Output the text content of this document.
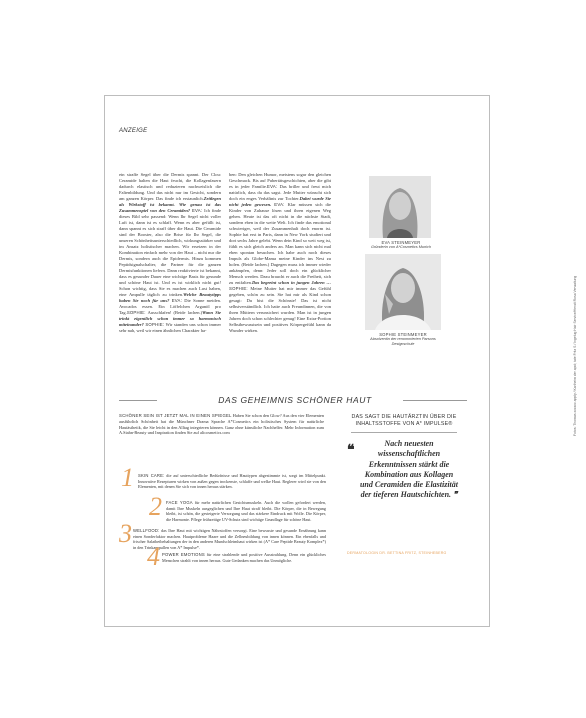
ANZEIGE
ein straffe Segel über die Dermis spannt. Der Clou: Ceramide halten die Haut feucht, die Kollagenfasern dadurch elastisch und reduzieren nachweislich die Faltenbildung. Und das nicht nur im Gesicht, sondern am ganzen Körper. Das finde ich erstaunlich.Zeitlegen als Wirkstoff ist bekannt. Wie genau ist das Zusammenspiel von den Ceramiden? EVA: Ich finde dieses Bild sehr passend: Wenn Ihr Segel nicht voller Luft ist, dann ist es schlaff. Wenn es aber gefüllt ist, dann spannt es sich straff über die Haut. Die Ceramide sind der Booster, also die Brise für Ihr Segel, die unseren Schönheitsunterschiedlich, wirkungsstärker und im Ansatz holistischer machen. Wir ersetzen in der Kombination einfach mehr von der Haut – nicht nur die Dermis, sondern auch die Epidermis. Hinzu kommen Peptidsignalschalter, die Partner für die ganzen Dermisfunktionen liefern. Dann reaktivierte ist bekannt, dass es gesunder Dauer eine wichtige Basis für gesunde und schöne Haut ist. Und es ist wirklich nicht gut! Schon wichtig, dass Sie es machen auch Lust haben, eine Ampulle täglich zu trinken.Welche Beautytipps haben Sie noch für uns? EVA: Die Sonne meiden. Avocados essen. Ein Löffelchen Arganöl pro Tag.SOPHIE: Ausschlafen! (Beide lachen.)Wann Sie trinkt eigentlich schon immer so harmonisch miteinander? SOPHIE: Wir standen uns schon immer sehr nah, weil wir einen ähnlichen Charakter ha-
ben: Den gleichen Humor, meistens sogar den gleichen Geschmack. Bis auf Pubertätsgeschichten, aber die gibt es in jeder Familie.EVA: Das briller und freut mich natürlich, dass du das sagst. Jede Mutter wünscht sich doch ein enges Verhältnis zur Tochter.Dabei wurde Sie nicht jeden gewesen. EVA: Klar müssen sich die Kinder von Zuhause lösen und ihren eigenen Weg gehen. Heute ist das oft nicht in die nächste Stadt, sondern eben in die weite Welt. Ich finde das emotional schwieriger, weil der Zusammenhalt doch enorm ist. Sophie hat erst in Paris, dann in New York studiert und dort sechs Jahre gelebt. Wenn dein Kind so weit weg ist, fühlt es sich gleich anders an. Man kann sich nicht mal eben spontan besuchen. Ich habe auch noch dieses Impuls als Globe-Mama meine Kinder ins Nest zu holen. (Beide lachen.) Dagegen muss ich immer wieder ankämpfen, denn: Jeder soll doch ein glücklicher Mensch werden. Dazu braucht er auch die Freiheit, sich zu entfalten.Das begreint schon in jungen Jahren … SOPHIE: Meine Mutter hat mir immer das Gefühl gegeben, schön zu sein. Sie hat mir als Kind schon gesagt: Du bist die Schönste! Das ist nicht selbstverständlich. Ich hatte auch Freundinnen, die von ihren Müttern verunsichert wurden. Man ist in jungen Jahren doch schon schlechter genug! Eine Extra-Portion Selbstbewusstsein und positives Körpergefühl kann da Wunder wirken.
EVA STEINMEYER
Gründerin von A*Cosmetics Munich
SOPHIE STEINMEYER
Absolventin der renommierten Parsons Designschule
DAS GEHEIMNIS SCHÖNER HAUT
SCHÖNER SEIN IST JETZT MAL IN EINEN SPIEGEL Haben Sie schon den Glow? Aus den vier Elementen ausführlich Schönheit hat die Münchner Drama Sprache A*Cosmetics ein holistisches System für natürliche Hautästhetik, die Sie leicht in den Alltag integrieren können. Ganz ohne künstliche Nachhelfer. Mehr Information zum A.Stahn-Beauty und Inspiration finden Sie auf alicosmetics.com
1 SKIN CARE: die auf unterschiedliche Bedürfnisse und Hauttypen abgestimmte ist, sorgt im Mittelpunkt. Innovative Rezepturen wirken von außen gegen trockenste, schlaffe und welke Haut. Reglerer wird sie von den Elementen, mit denen Sie sich von innen heraus stärken.
2 FACE YOGA für mehr natürlichen Gesichtsmuskeln. Auch die wollen gefordert werden, damit Ihre Muskeln ausgeglichen und Ihre Haut straff bleibt. Die Körper, die in Bewegung bleibt, ist schön, die gesteigerte Versorgung und das stärkere Eindruck mit Wolle. Die Körper, die Harmonie. Pflege frühzeitige UV-Schutz sind wichtige Grundlage für schöne Haut.
3 WELLFOOD: das Ihre Haut mit wichtigen Nährstoffen versorgt. Eine bewusste und gesunde Ernährung kann einen Sonderfaktor machen. Hautprobleme Haare und die Zellneubildung von innen können. Ein ebenfalls und frischer Salatbeibehaltungen der in den anderen Mundschleimhaut wirken ist (A* Care Peptide Beauty Komplex*) in den Trinkampullen von A* Impulse*.
4 POWER EMOTIONS für eine strahlende und positive Ausstrahlung. Denn ein glückliches Menschen strahlt von innen heraus. Gute Gedanken machen das Unmögliche.
DAS SAGT DIE HAUTÄRZTIN ÜBER DIE INHALTSSTOFFE VON A* IMPULSE®
❝	Nach neuesten wissenschaftlichen Erkenntnissen stärkt die Kombination aus Kollagen und Ceramiden die Elastizität der tieferen Hautschichten. ❞
DERMATOLOGIN DR. BETTINA FRITZ, STEINHEBERG
Fotos: Thomas xxxxxx apply / Karlheim der apol; tate Fritz S / Ingelug Hair Service/Hendt Rosa Verwaltung
